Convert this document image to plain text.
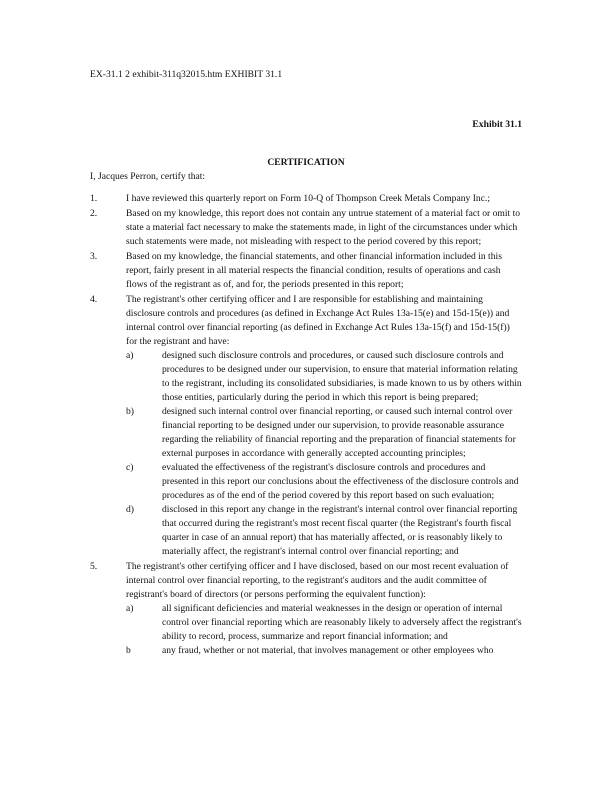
EX-31.1 2 exhibit-311q32015.htm EXHIBIT 31.1
Exhibit 31.1
CERTIFICATION
I, Jacques Perron, certify that:
1.	I have reviewed this quarterly report on Form 10-Q of Thompson Creek Metals Company Inc.;
2.	Based on my knowledge, this report does not contain any untrue statement of a material fact or omit to state a material fact necessary to make the statements made, in light of the circumstances under which such statements were made, not misleading with respect to the period covered by this report;
3.	Based on my knowledge, the financial statements, and other financial information included in this report, fairly present in all material respects the financial condition, results of operations and cash flows of the registrant as of, and for, the periods presented in this report;
4.	The registrant's other certifying officer and I are responsible for establishing and maintaining disclosure controls and procedures (as defined in Exchange Act Rules 13a-15(e) and 15d-15(e)) and internal control over financial reporting (as defined in Exchange Act Rules 13a-15(f) and 15d-15(f)) for the registrant and have:
a)	designed such disclosure controls and procedures, or caused such disclosure controls and procedures to be designed under our supervision, to ensure that material information relating to the registrant, including its consolidated subsidiaries, is made known to us by others within those entities, particularly during the period in which this report is being prepared;
b)	designed such internal control over financial reporting, or caused such internal control over financial reporting to be designed under our supervision, to provide reasonable assurance regarding the reliability of financial reporting and the preparation of financial statements for external purposes in accordance with generally accepted accounting principles;
c)	evaluated the effectiveness of the registrant's disclosure controls and procedures and presented in this report our conclusions about the effectiveness of the disclosure controls and procedures as of the end of the period covered by this report based on such evaluation;
d)	disclosed in this report any change in the registrant's internal control over financial reporting that occurred during the registrant's most recent fiscal quarter (the Registrant's fourth fiscal quarter in case of an annual report) that has materially affected, or is reasonably likely to materially affect, the registrant's internal control over financial reporting; and
5.	The registrant's other certifying officer and I have disclosed, based on our most recent evaluation of internal control over financial reporting, to the registrant's auditors and the audit committee of registrant's board of directors (or persons performing the equivalent function):
a)	all significant deficiencies and material weaknesses in the design or operation of internal control over financial reporting which are reasonably likely to adversely affect the registrant's ability to record, process, summarize and report financial information; and
b	any fraud, whether or not material, that involves management or other employees who
